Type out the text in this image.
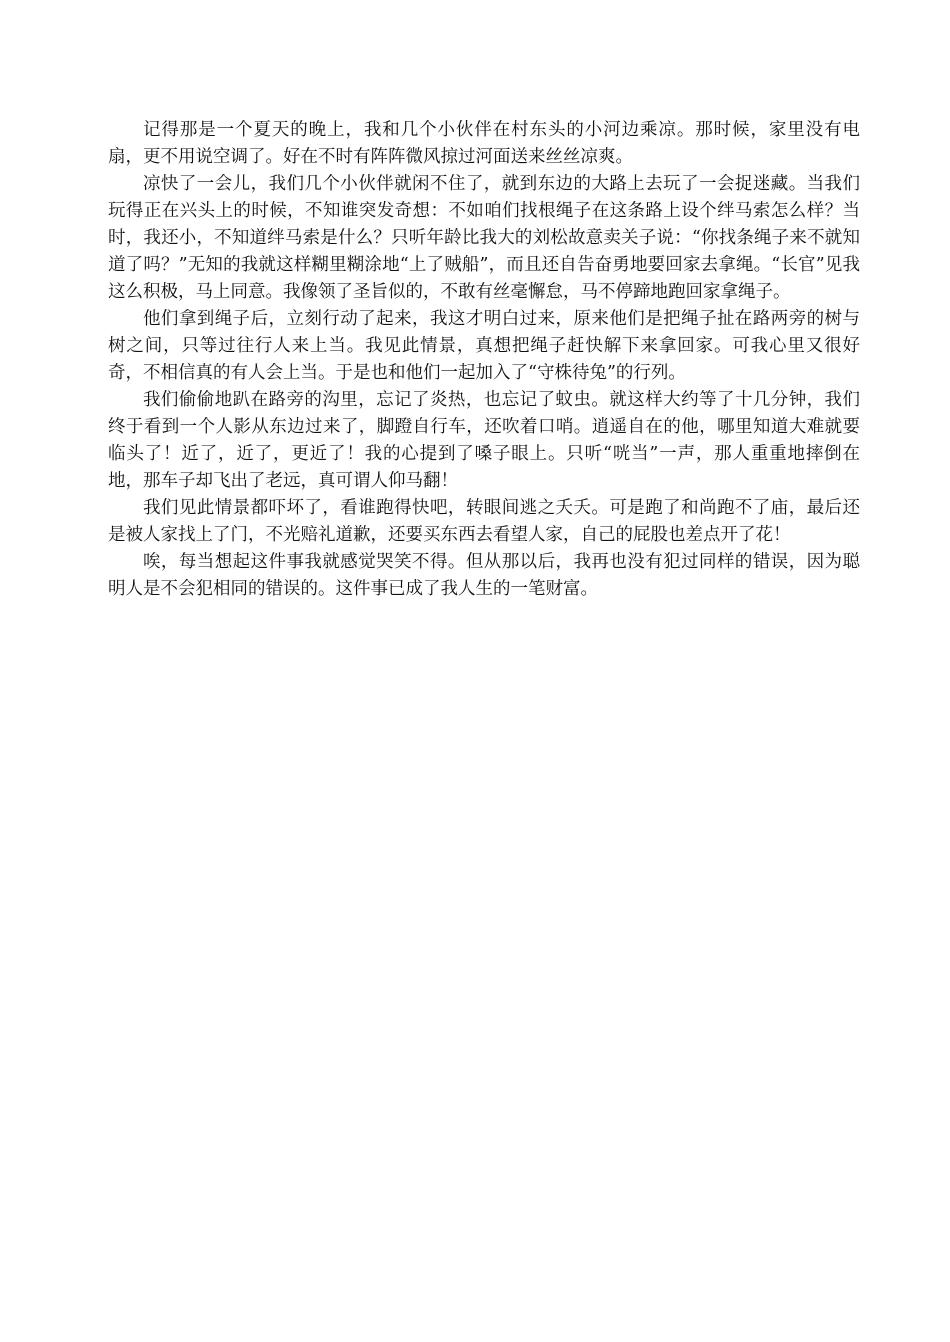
记得那是一个夏天的晚上，我和几个小伙伴在村东头的小河边乘凉。那时候，家里没有电扇，更不用说空调了。好在不时有阵阵微风掠过河面送来丝丝凉爽。

凉快了一会儿，我们几个小伙伴就闲不住了，就到东边的大路上去玩了一会捉迷藏。当我们玩得正在兴头上的时候，不知谁突发奇想：不如咱们找根绳子在这条路上设个绊马索怎么样？当时，我还小，不知道绊马索是什么？只听年龄比我大的刘松故意卖关子说：“你找条绳子来不就知道了吗？”无知的我就这样糊里糊涂地“上了贼船”，而且还自告奋勇地要回家去拿绳。“长官”见我这么积极，马上同意。我像领了圣旨似的，不敢有丝毫懈怠，马不停蹄地跑回家拿绳子。

他们拿到绳子后，立刻行动了起来，我这才明白过来，原来他们是把绳子扯在路两旁的树与树之间，只等过往行人来上当。我见此情景，真想把绳子赶快解下来拿回家。可我心里又很好奇，不相信真的有人会上当。于是也和他们一起加入了“守株待兔”的行列。

我们偷偷地趴在路旁的沟里，忘记了炎热，也忘记了蚊虫。就这样大约等了十几分钟，我们终于看到一个人影从东边过来了，脚蹬自行车，还吹着口哨。逍遥自在的他，哪里知道大难就要临头了！近了，近了，更近了！我的心提到了嗓子眼上。只听“咣当”一声，那人重重地摔倒在地，那车子却飞出了老远，真可谓人仰马翻！

我们见此情景都吓坏了，看谁跑得快吧，转眼间逃之夭夭。可是跑了和尚跑不了庙，最后还是被人家找上了门，不光赔礼道歉，还要买东西去看望人家，自己的屁股也差点开了花！

唉，每当想起这件事我就感觉哭笑不得。但从那以后，我再也没有犯过同样的错误，因为聪明人是不会犯相同的错误的。这件事已成了我人生的一笔财富。
